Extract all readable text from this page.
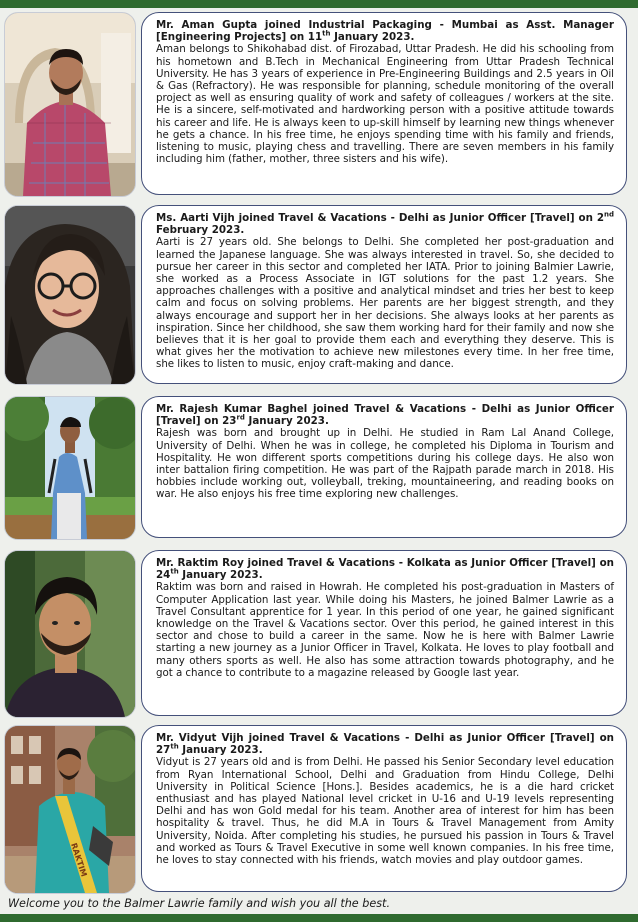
Mr. Aman Gupta joined Industrial Packaging - Mumbai as Asst. Manager [Engineering Projects] on 11th January 2023.

Aman belongs to Shikohabad dist. of Firozabad, Uttar Pradesh. He did his schooling from his hometown and B.Tech in Mechanical Engineering from Uttar Pradesh Technical University. He has 3 years of experience in Pre-Engineering Buildings and 2.5 years in Oil & Gas (Refractory). He was responsible for planning, schedule monitoring of the overall project as well as ensuring quality of work and safety of colleagues / workers at the site. He is a sincere, self-motivated and hardworking person with a positive attitude towards his career and life. He is always keen to up-skill himself by learning new things whenever he gets a chance. In his free time, he enjoys spending time with his family and friends, listening to music, playing chess and travelling. There are seven members in his family including him (father, mother, three sisters and his wife).

Ms. Aarti Vijh joined Travel & Vacations - Delhi as Junior Officer [Travel] on 2nd February 2023.

Aarti is 27 years old. She belongs to Delhi. She completed her post-graduation and learned the Japanese language. She was always interested in travel. So, she decided to pursue her career in this sector and completed her IATA. Prior to joining Balmier Lawrie, she worked as a Process Associate in IGT solutions for the past 1.2 years. She approaches challenges with a positive and analytical mindset and tries her best to keep calm and focus on solving problems. Her parents are her biggest strength, and they always encourage and support her in her decisions. She always looks at her parents as inspiration. Since her childhood, she saw them working hard for their family and now she believes that it is her goal to provide them each and everything they deserve. This is what gives her the motivation to achieve new milestones every time. In her free time, she likes to listen to music, enjoy craft-making and dance.

Mr. Rajesh Kumar Baghel joined Travel & Vacations - Delhi as Junior Officer [Travel] on 23rd January 2023.

Rajesh was born and brought up in Delhi. He studied in Ram Lal Anand College, University of Delhi. When he was in college, he completed his Diploma in Tourism and Hospitality. He won different sports competitions during his college days. He also won inter battalion firing competition. He was part of the Rajpath parade march in 2018. His hobbies include working out, volleyball, treking, mountaineering, and reading books on war. He also enjoys his free time exploring new challenges.

Mr. Raktim Roy joined Travel & Vacations - Kolkata as Junior Officer [Travel] on 24th January 2023.

Raktim was born and raised in Howrah. He completed his post-graduation in Masters of Computer Application last year. While doing his Masters, he joined Balmer Lawrie as a Travel Consultant apprentice for 1 year. In this period of one year, he gained significant knowledge on the Travel & Vacations sector. Over this period, he gained interest in this sector and chose to build a career in the same. Now he is here with Balmer Lawrie starting a new journey as a Junior Officer in Travel, Kolkata. He loves to play football and many others sports as well. He also has some attraction towards photography, and he got a chance to contribute to a magazine released by Google last year.

RAKTIM

Mr. Vidyut Vijh joined Travel & Vacations - Delhi as Junior Officer [Travel] on 27th January 2023.

Vidyut is 27 years old and is from Delhi. He passed his Senior Secondary level education from Ryan International School, Delhi and Graduation from Hindu College, Delhi University in Political Science [Hons.]. Besides academics, he is a die hard cricket enthusiast and has played National level cricket in U-16 and U-19 levels representing Delhi and has won Gold medal for his team. Another area of interest for him has been hospitality & travel. Thus, he did M.A in Tours & Travel Management from Amity University, Noida. After completing his studies, he pursued his passion in Tours & Travel and worked as Tours & Travel Executive in some well known companies. In his free time, he loves to stay connected with his friends, watch movies and play outdoor games.

Welcome you to the Balmer Lawrie family and wish you all the best.
